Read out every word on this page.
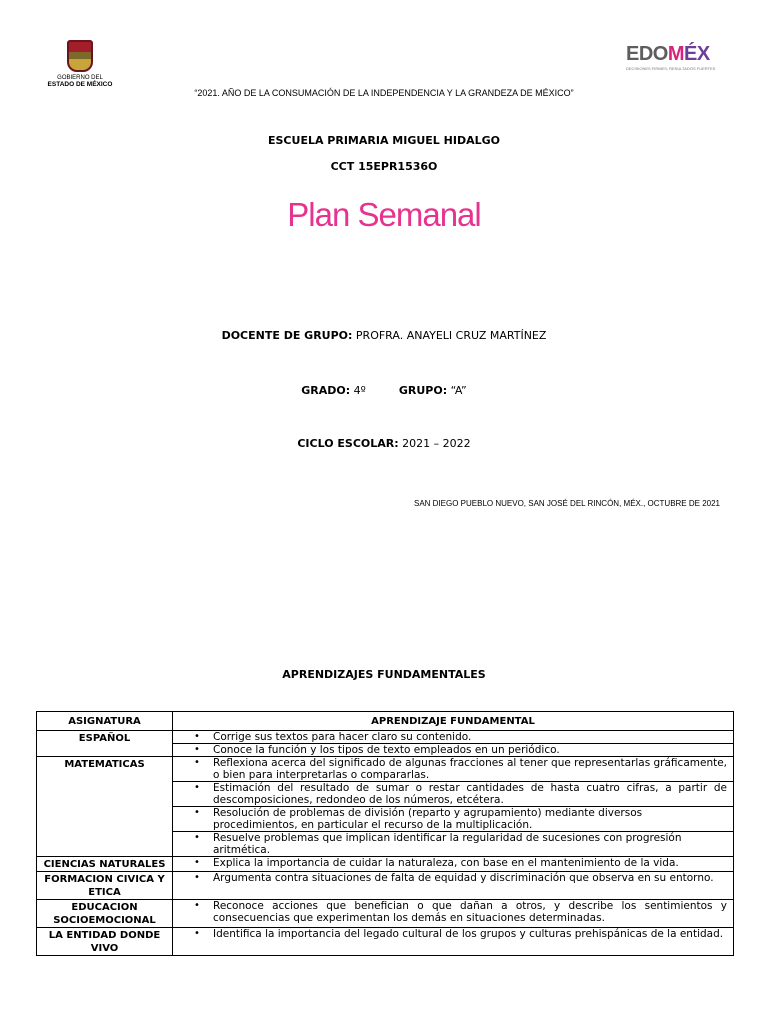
GOBIERNO DEL
ESTADO DE MÉXICO
EDOMÉX
DECISIONES FIRMES, RESULTADOS FUERTES
“2021. AÑO DE LA CONSUMACIÓN DE LA INDEPENDENCIA Y LA GRANDEZA DE MÉXICO”
ESCUELA PRIMARIA MIGUEL HIDALGO
CCT 15EPR1536O
Plan Semanal
DOCENTE DE GRUPO: PROFRA. ANAYELI CRUZ MARTÍNEZ
GRADO: 4º	GRUPO: “A”
CICLO ESCOLAR: 2021 – 2022
SAN DIEGO PUEBLO NUEVO, SAN JOSÉ DEL RINCÓN, MÉX., OCTUBRE DE 2021
APRENDIZAJES FUNDAMENTALES
ASIGNATURA	APRENDIZAJE FUNDAMENTAL
ESPAÑOL	• Corrige sus textos para hacer claro su contenido.
	• Conoce la función y los tipos de texto empleados en un periódico.
MATEMATICAS	• Reflexiona acerca del significado de algunas fracciones al tener que representarlas gráficamente, o bien para interpretarlas o compararlas.
	• Estimación del resultado de sumar o restar cantidades de hasta cuatro cifras, a partir de descomposiciones, redondeo de los números, etcétera.
	• Resolución de problemas de división (reparto y agrupamiento) mediante diversos procedimientos, en particular el recurso de la multiplicación.
	• Resuelve problemas que implican identificar la regularidad de sucesiones con progresión aritmética.
CIENCIAS NATURALES	• Explica la importancia de cuidar la naturaleza, con base en el mantenimiento de la vida.
FORMACION CIVICA Y ETICA	• Argumenta contra situaciones de falta de equidad y discriminación que observa en su entorno.
EDUCACION SOCIOEMOCIONAL	• Reconoce acciones que benefician o que dañan a otros, y describe los sentimientos y consecuencias que experimentan los demás en situaciones determinadas.
LA ENTIDAD DONDE VIVO	• Identifica la importancia del legado cultural de los grupos y culturas prehispánicas de la entidad.
